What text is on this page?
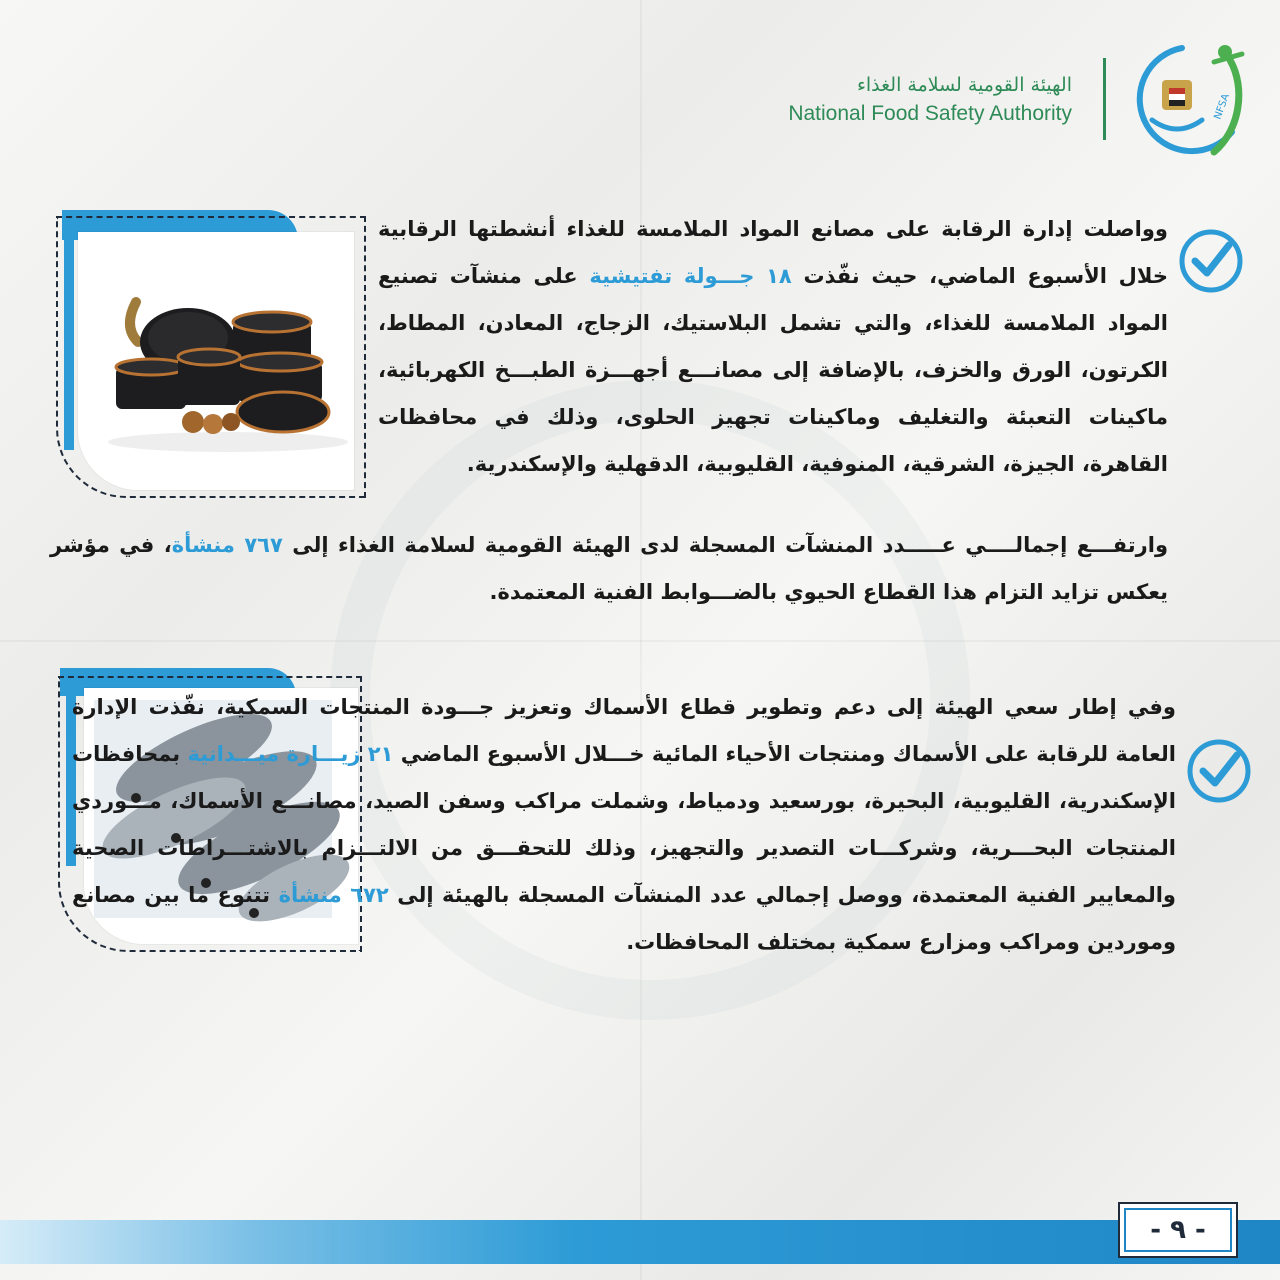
NFSA
الهيئة القومية لسلامة الغذاء
National Food Safety Authority
وواصلت إدارة الرقابة على مصانع المواد الملامسة للغذاء أنشطتها الرقابية خلال الأسبوع الماضي، حيث نفّذت ١٨ جـــولة تفتيشية على منشآت تصنيع المواد الملامسة للغذاء، والتي تشمل البلاستيك، الزجاج، المعادن، المطاط، الكرتون، الورق والخزف، بالإضافة إلى مصانـــع أجهـــزة الطبـــخ الكهربائية، ماكينات التعبئة والتغليف وماكينات تجهيز الحلوى، وذلك في محافظات القاهرة، الجيزة، الشرقية، المنوفية، القليوبية، الدقهلية والإسكندرية.
وارتفـــع إجمالــــي عـــــدد المنشآت المسجلة لدى الهيئة القومية لسلامة الغذاء إلى ٧٦٧ منشأة، في مؤشر يعكس تزايد التزام هذا القطاع الحيوي بالضـــوابط الفنية المعتمدة.
وفي إطار سعي الهيئة إلى دعم وتطوير قطاع الأسماك وتعزيز جـــودة المنتجات السمكية، نفّذت الإدارة العامة للرقابة على الأسماك ومنتجات الأحياء المائية خـــلال الأسبوع الماضي ٢١ زيـــارة ميـــدانية بمحافظات الإسكندرية، القليوبية، البحيرة، بورسعيد ودمياط، وشملت مراكب وسفن الصيد، مصانـــع الأسماك، مـــوردي المنتجات البحـــرية، وشركـــات التصدير والتجهيز، وذلك للتحقـــق من الالتـــزام بالاشتـــراطات الصحية والمعايير الفنية المعتمدة، ووصل إجمالي عدد المنشآت المسجلة بالهيئة إلى ٦٧٢ منشأة تتنوع ما بين مصانع وموردين ومراكب ومزارع سمكية بمختلف المحافظات.
- ٩ -
